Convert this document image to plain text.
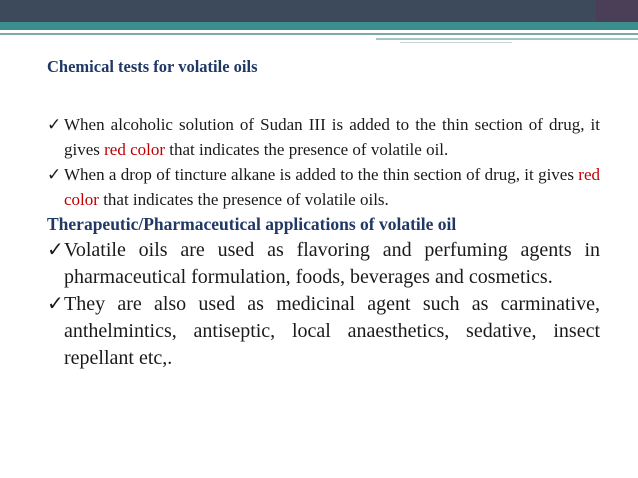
Chemical tests for volatile oils
✓ When alcoholic solution of Sudan III is added to the thin section of drug, it gives red color that indicates the presence of volatile oil.
✓ When a drop of tincture alkane is added to the thin section of drug, it gives red color that indicates the presence of volatile oils.
Therapeutic/Pharmaceutical applications of volatile oil
✓ Volatile oils are used as flavoring and perfuming agents in pharmaceutical formulation, foods, beverages and cosmetics.
✓ They are also used as medicinal agent such as carminative, anthelmintics, antiseptic, local anaesthetics, sedative, insect repellant etc,.
